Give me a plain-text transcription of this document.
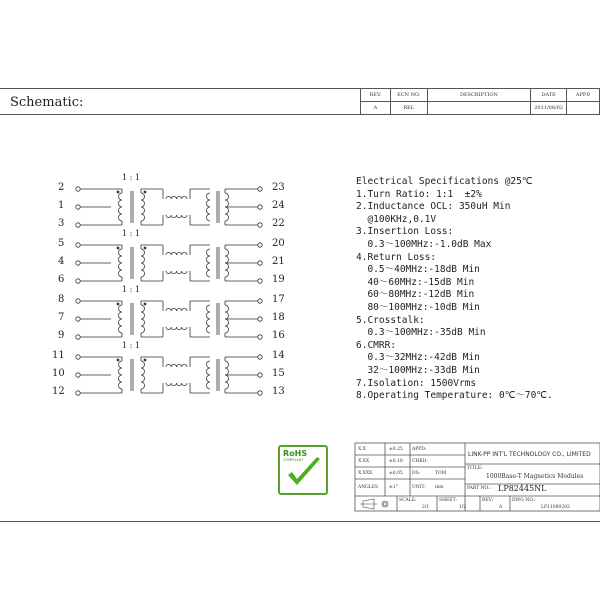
Schematic:	REV.	ECN NO.	DESCRIPTION	DATE	APPD
A	REL		2011/08/02	
2	23
1	24
3	22
1 : 1
5	20
4	21
6	19
1 : 1
8	17
7	18
9	16
1 : 1
11	14
10	15
12	13
1 : 1
Electrical Specifications @25℃
1.Turn Ratio: 1:1  ±2%
2.Inductance OCL: 350uH Min
@100KHz,0.1V
3.Insertion Loss:
0.3～100MHz:-1.0dB Max
4.Return Loss:
0.5～40MHz:-18dB Min
40～60MHz:-15dB Min
60～80MHz:-12dB Min
80～100MHz:-10dB Min
5.Crosstalk:
0.3～100MHz:-35dB Min
6.CMRR:
0.3～32MHz:-42dB Min
32～100MHz:-33dB Min
7.Isolation: 1500Vrms
8.Operating Temperature: 0℃～70℃.
RoHS
COMPLIANT
X.X	±0.25
X.XX	±0.10
X.XXX	±0.05
ANGLES ±1°
APPD:
CHKD:
DS:	TOM
UNIT: mm
LINK-PP INT'L TECHNOLOGY CO., LIMITED
TITLE:
1000Base-T Magnetics Modules
PART NO.: LP82445NL
SCALE:
2/1
SHEET:
1/2
REV:
A
DWG NO.:
LP11080202
